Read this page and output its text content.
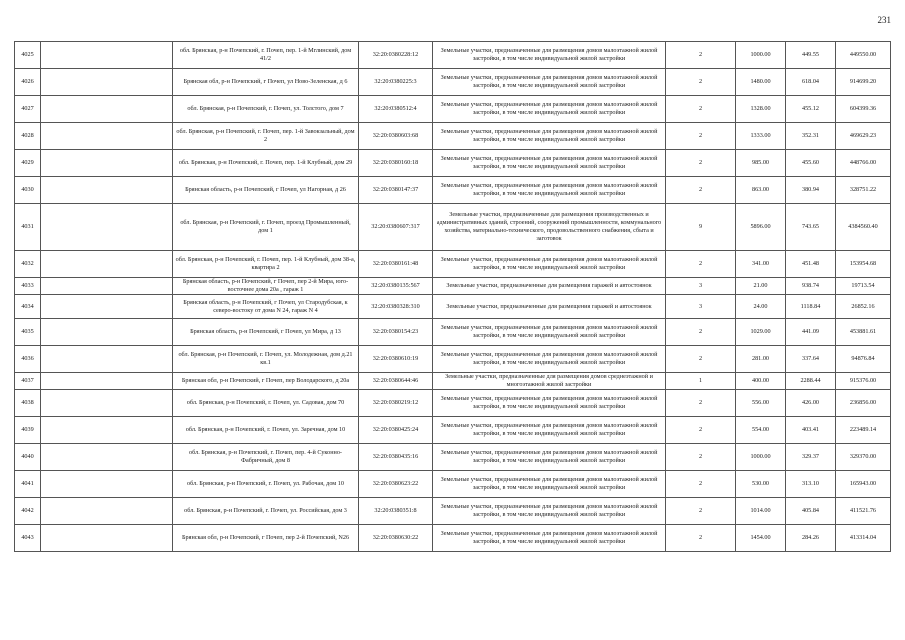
231
4025		обл. Брянская, р-н Почепский, г. Почеп, пер. 1-й Мглинский, дом 41/2	32:20:0380228:12	Земельные участки, предназначенные для размещения домов малоэтажной жилой застройки, в том числе индивидуальной жилой застройки	2	1000.00	449.55	449550.00
4026		Брянская обл, р-н Почепский, г Почеп, ул Ново-Зеленская, д 6	32:20:0380225:3	Земельные участки, предназначенные для размещения домов малоэтажной жилой застройки, в том числе индивидуальной жилой застройки	2	1480.00	618.04	914699.20
4027		обл. Брянская, р-н Почепский, г. Почеп, ул. Толстого, дом 7	32:20:0380512:4	Земельные участки, предназначенные для размещения домов малоэтажной жилой застройки, в том числе индивидуальной жилой застройки	2	1328.00	455.12	604399.36
4028		обл. Брянская, р-н Почепский, г. Почеп, пер. 1-й Завокзальный, дом 2	32:20:0380603:68	Земельные участки, предназначенные для размещения домов малоэтажной жилой застройки, в том числе индивидуальной жилой застройки	2	1333.00	352.31	469629.23
4029		обл. Брянская, р-н Почепский, г. Почеп, пер. 1-й Клубный, дом 29	32:20:0380160:18	Земельные участки, предназначенные для размещения домов малоэтажной жилой застройки, в том числе индивидуальной жилой застройки	2	985.00	455.60	448766.00
4030		Брянская область, р-н Почепский, г Почеп, ул Нагорная, д 26	32:20:0380147:37	Земельные участки, предназначенные для размещения домов малоэтажной жилой застройки, в том числе индивидуальной жилой застройки	2	863.00	380.94	328751.22
4031		обл. Брянская, р-н Почепский, г. Почеп, проезд Промышленный, дом 1	32:20:0380607:317	Земельные участки, предназначенные для размещения производственных и административных зданий, строений, сооружений промышленности, коммунального хозяйства, материально-технического, продовольственного снабжения, сбыта и заготовок	9	5896.00	743.65	4384560.40
4032		обл. Брянская, р-н Почепский, г. Почеп, пер. 1-й Клубный, дом 38-а, квартира 2	32:20:0380161:48	Земельные участки, предназначенные для размещения домов малоэтажной жилой застройки, в том числе индивидуальной жилой застройки	2	341.00	451.48	153954.68
4033		Брянская область, р-н Почепский, г Почеп, пер 2-й Мира, юго-восточнее дома 20а , гараж 1	32:20:0380135:567	Земельные участки, предназначенные для размещения гаражей и автостоянок	3	21.00	938.74	19713.54
4034		Брянская область, р-н Почепский, г Почеп, ул Стародубская, к северо-востоку от дома N 24, гараж N 4	32:20:0380328:310	Земельные участки, предназначенные для размещения гаражей и автостоянок	3	24.00	1118.84	26852.16
4035		Брянская область, р-н Почепский, г Почеп, ул Мира, д 13	32:20:0380154:23	Земельные участки, предназначенные для размещения домов малоэтажной жилой застройки, в том числе индивидуальной жилой застройки	2	1029.00	441.09	453881.61
4036		обл. Брянская, р-н Почепский, г. Почеп, ул. Молодежная, дом д.21 кв.1	32:20:0380610:19	Земельные участки, предназначенные для размещения домов малоэтажной жилой застройки, в том числе индивидуальной жилой застройки	2	281.00	337.64	94876.84
4037		Брянская обл, р-н Почепский, г Почеп, пер Володарского, д 20а	32:20:0380644:46	Земельные участки, предназначенные для размещения домов среднеэтажной и многоэтажной жилой застройки	1	400.00	2288.44	915376.00
4038		обл. Брянская, р-н Почепский, г. Почеп, ул. Садовая, дом 70	32:20:0380219:12	Земельные участки, предназначенные для размещения домов малоэтажной жилой застройки, в том числе индивидуальной жилой застройки	2	556.00	426.00	236856.00
4039		обл. Брянская, р-н Почепский, г. Почеп, ул. Заречная, дом 10	32:20:0380425:24	Земельные участки, предназначенные для размещения домов малоэтажной жилой застройки, в том числе индивидуальной жилой застройки	2	554.00	403.41	223489.14
4040		обл. Брянская, р-н Почепский, г. Почеп, пер. 4-й Суконно-Фабричный, дом 8	32:20:0380435:16	Земельные участки, предназначенные для размещения домов малоэтажной жилой застройки, в том числе индивидуальной жилой застройки	2	1000.00	329.37	329370.00
4041		обл. Брянская, р-н Почепский, г. Почеп, ул. Рабочая, дом 10	32:20:0380623:22	Земельные участки, предназначенные для размещения домов малоэтажной жилой застройки, в том числе индивидуальной жилой застройки	2	530.00	313.10	165943.00
4042		обл. Брянская, р-н Почепский, г. Почеп, ул. Российская, дом 3	32:20:0380351:8	Земельные участки, предназначенные для размещения домов малоэтажной жилой застройки, в том числе индивидуальной жилой застройки	2	1014.00	405.84	411521.76
4043		Брянская обл, р-н Почепский, г Почеп, пер 2-й Почепский, N26	32:20:0380630:22	Земельные участки, предназначенные для размещения домов малоэтажной жилой застройки, в том числе индивидуальной жилой застройки	2	1454.00	284.26	413314.04
